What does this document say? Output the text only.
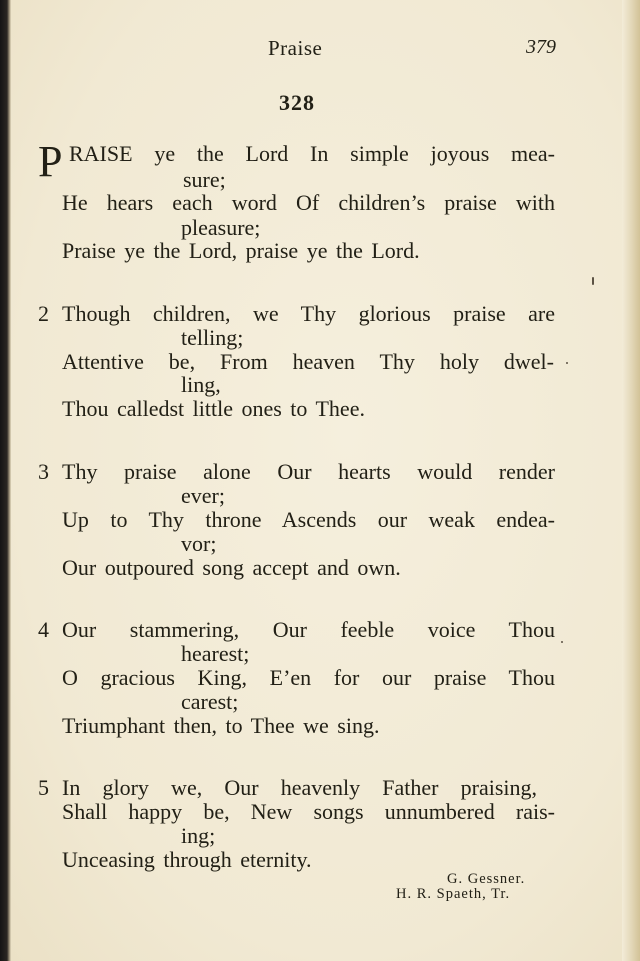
Praise	379
328
P RAISE ye the Lord In simple joyous mea-
sure;
He hears each word Of children’s praise with
pleasure;
Praise ye the Lord, praise ye the Lord.
2 Though children, we Thy glorious praise are
telling;
Attentive be, From heaven Thy holy dwel-
ling,
Thou calledst little ones to Thee.
3 Thy praise alone Our hearts would render
ever;
Up to Thy throne Ascends our weak endea-
vor;
Our outpoured song accept and own.
4 Our stammering, Our feeble voice Thou
hearest;
O gracious King, E’en for our praise Thou
carest;
Triumphant then, to Thee we sing.
5 In glory we, Our heavenly Father praising,
Shall happy be, New songs unnumbered rais-
ing;
Unceasing through eternity.
G. Gessner.
H. R. Spaeth, Tr.
